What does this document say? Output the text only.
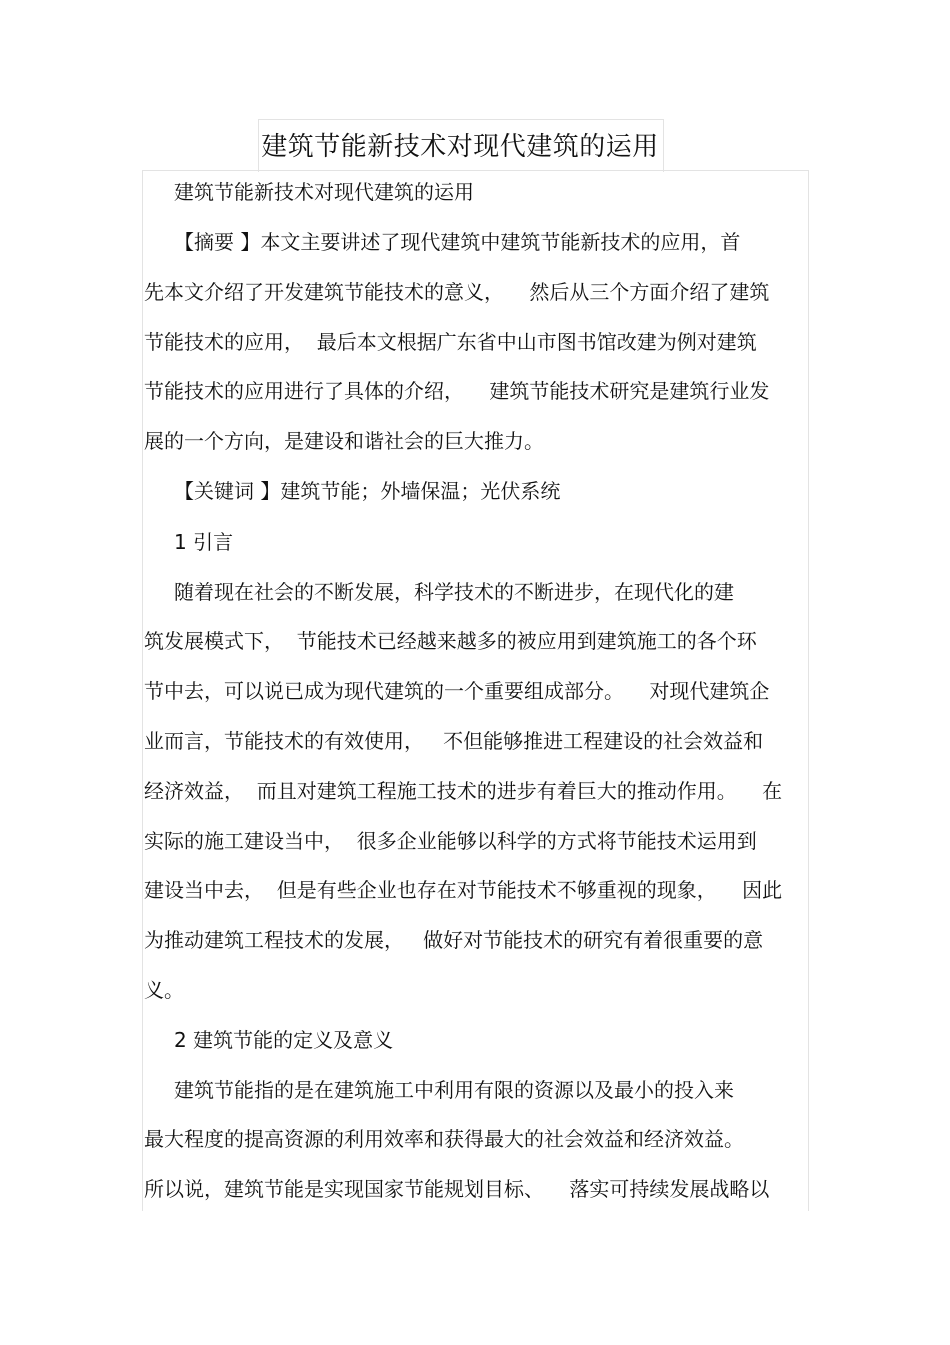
建筑节能新技术对现代建筑的运用

建筑节能新技术对现代建筑的运用

【摘要 】本文主要讲述了现代建筑中建筑节能新技术的应用，首

先本文介绍了开发建筑节能技术的意义，    然后从三个方面介绍了建筑

节能技术的应用，  最后本文根据广东省中山市图书馆改建为例对建筑

节能技术的应用进行了具体的介绍，    建筑节能技术研究是建筑行业发

展的一个方向，是建设和谐社会的巨大推力。

【关键词 】建筑节能；外墙保温；光伏系统

1 引言

随着现在社会的不断发展，科学技术的不断进步，在现代化的建

筑发展模式下，  节能技术已经越来越多的被应用到建筑施工的各个环

节中去，可以说已成为现代建筑的一个重要组成部分。    对现代建筑企

业而言，节能技术的有效使用，   不但能够推进工程建设的社会效益和

经济效益，  而且对建筑工程施工技术的进步有着巨大的推动作用。    在

实际的施工建设当中，  很多企业能够以科学的方式将节能技术运用到

建设当中去，  但是有些企业也存在对节能技术不够重视的现象，    因此

为推动建筑工程技术的发展，   做好对节能技术的研究有着很重要的意

义。

2 建筑节能的定义及意义

建筑节能指的是在建筑施工中利用有限的资源以及最小的投入来

最大程度的提高资源的利用效率和获得最大的社会效益和经济效益。

所以说，建筑节能是实现国家节能规划目标、    落实可持续发展战略以
